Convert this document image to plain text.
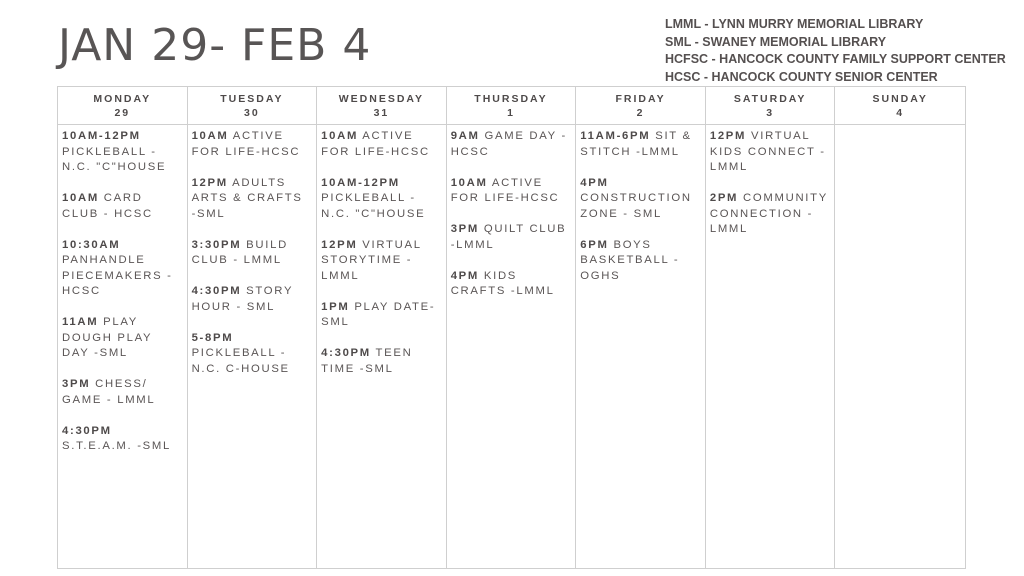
JAN 29- FEB 4	LMML - LYNN MURRY MEMORIAL LIBRARY
SML - SWANEY MEMORIAL LIBRARY
HCFSC - HANCOCK COUNTY FAMILY SUPPORT CENTER
HCSC - HANCOCK COUNTY SENIOR CENTER
MONDAY
29
TUESDAY
30
WEDNESDAY
31
THURSDAY
1
FRIDAY
2
SATURDAY
3
SUNDAY
4

10AM-12PM PICKLEBALL - N.C. "C"HOUSE

10AM CARD CLUB - HCSC

10:30AM PANHANDLE PIECEMAKERS - HCSC

11AM PLAY DOUGH PLAY DAY -SML

3PM CHESS/ GAME - LMML

4:30PM S.T.E.A.M. -SML

10AM ACTIVE FOR LIFE-HCSC

12PM ADULTS ARTS & CRAFTS -SML

3:30PM BUILD CLUB - LMML

4:30PM STORY HOUR - SML

5-8PM PICKLEBALL - N.C. C-HOUSE

10AM ACTIVE FOR LIFE-HCSC

10AM-12PM PICKLEBALL - N.C. "C"HOUSE

12PM VIRTUAL STORYTIME - LMML

1PM PLAY DATE- SML

4:30PM TEEN TIME -SML

9AM GAME DAY - HCSC

10AM ACTIVE FOR LIFE-HCSC

3PM QUILT CLUB -LMML

4PM KIDS CRAFTS -LMML

11AM-6PM SIT & STITCH -LMML

4PM CONSTRUCTION ZONE - SML

6PM BOYS BASKETBALL - OGHS

12PM VIRTUAL KIDS CONNECT -LMML

2PM COMMUNITY CONNECTION - LMML
